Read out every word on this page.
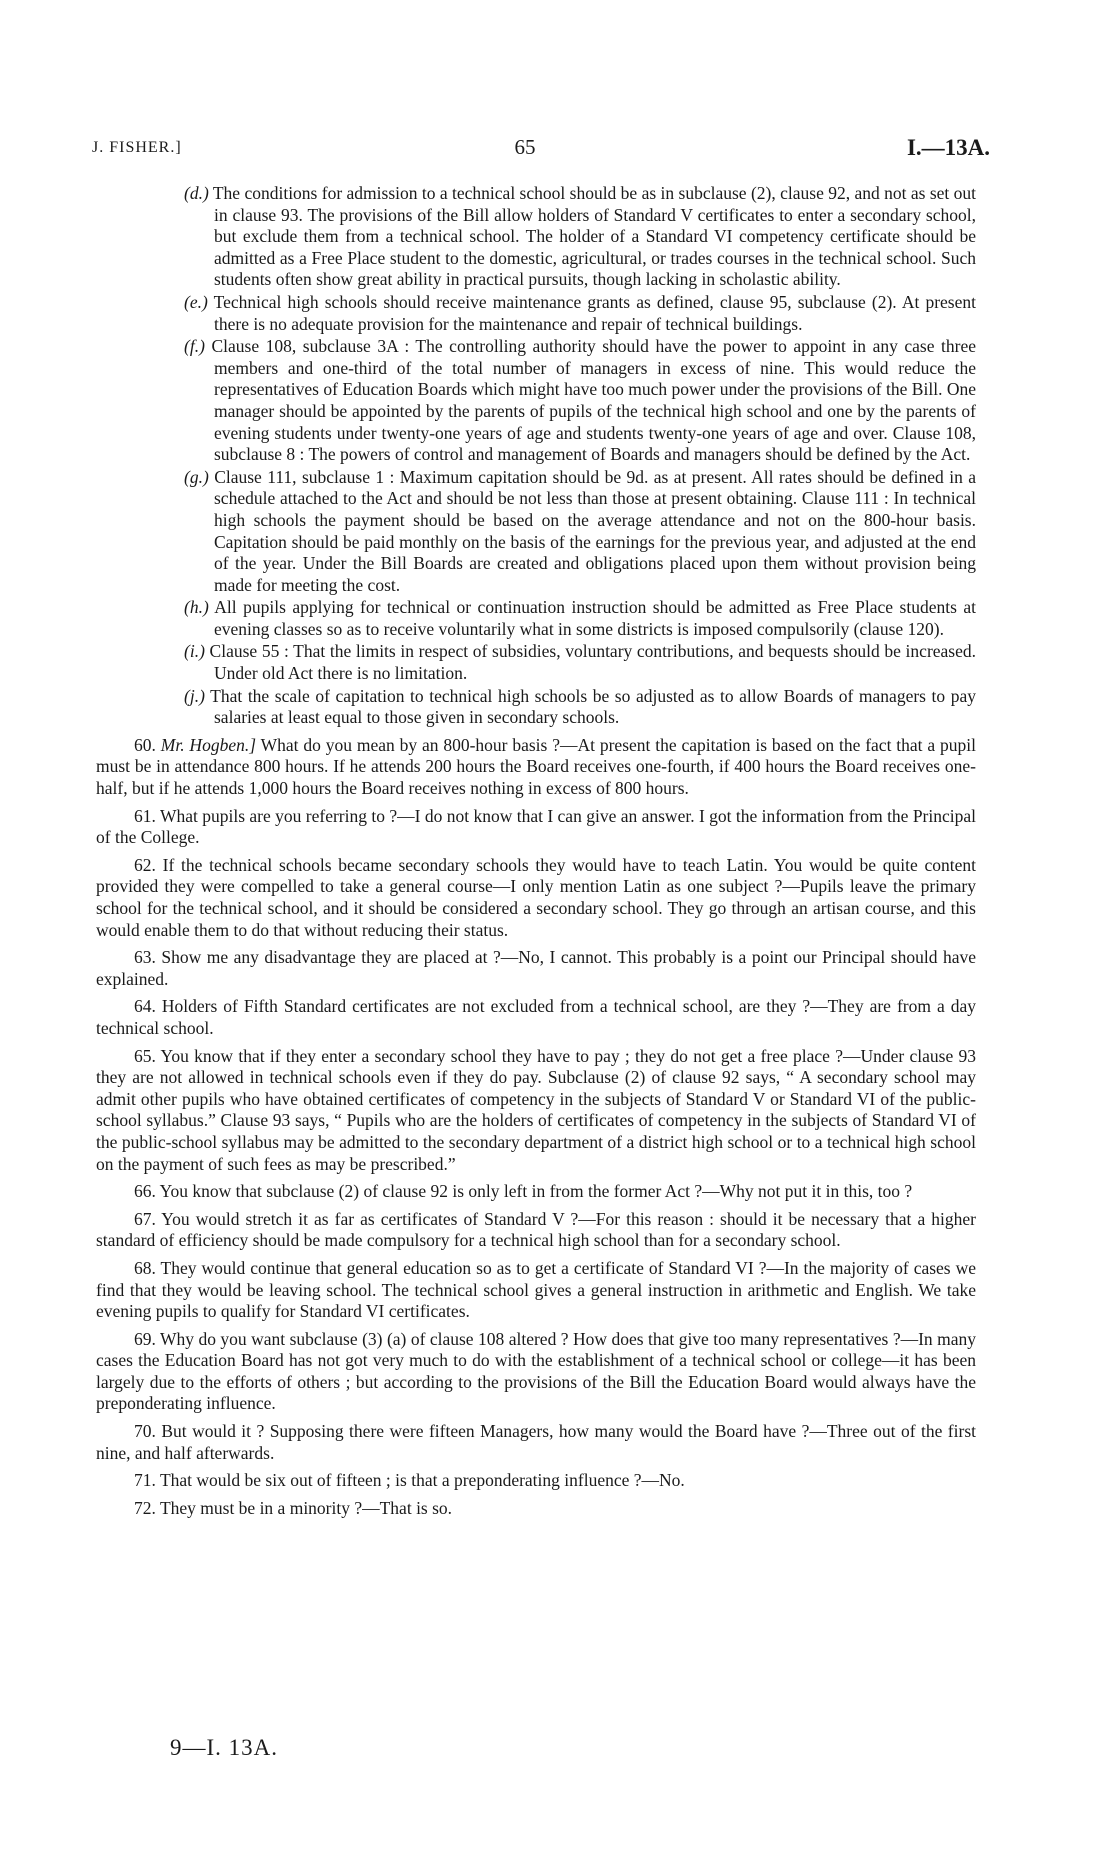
J. FISHER.]	65	I.—13A.

(d.) The conditions for admission to a technical school should be as in subclause (2), clause 92, and not as set out in clause 93. The provisions of the Bill allow holders of Standard V certificates to enter a secondary school, but exclude them from a technical school. The holder of a Standard VI competency certificate should be admitted as a Free Place student to the domestic, agricultural, or trades courses in the technical school. Such students often show great ability in practical pursuits, though lacking in scholastic ability.

(e.) Technical high schools should receive maintenance grants as defined, clause 95, subclause (2). At present there is no adequate provision for the maintenance and repair of technical buildings.

(f.) Clause 108, subclause 3A : The controlling authority should have the power to appoint in any case three members and one-third of the total number of managers in excess of nine. This would reduce the representatives of Education Boards which might have too much power under the provisions of the Bill. One manager should be appointed by the parents of pupils of the technical high school and one by the parents of evening students under twenty-one years of age and students twenty-one years of age and over. Clause 108, subclause 8 : The powers of control and management of Boards and managers should be defined by the Act.

(g.) Clause 111, subclause 1 : Maximum capitation should be 9d. as at present. All rates should be defined in a schedule attached to the Act and should be not less than those at present obtaining. Clause 111 : In technical high schools the payment should be based on the average attendance and not on the 800-hour basis. Capitation should be paid monthly on the basis of the earnings for the previous year, and adjusted at the end of the year. Under the Bill Boards are created and obligations placed upon them without provision being made for meeting the cost.

(h.) All pupils applying for technical or continuation instruction should be admitted as Free Place students at evening classes so as to receive voluntarily what in some districts is imposed compulsorily (clause 120).

(i.) Clause 55 : That the limits in respect of subsidies, voluntary contributions, and bequests should be increased. Under old Act there is no limitation.

(j.) That the scale of capitation to technical high schools be so adjusted as to allow Boards of managers to pay salaries at least equal to those given in secondary schools.

60. Mr. Hogben.] What do you mean by an 800-hour basis ?—At present the capitation is based on the fact that a pupil must be in attendance 800 hours. If he attends 200 hours the Board receives one-fourth, if 400 hours the Board receives one-half, but if he attends 1,000 hours the Board receives nothing in excess of 800 hours.

61. What pupils are you referring to ?—I do not know that I can give an answer. I got the information from the Principal of the College.

62. If the technical schools became secondary schools they would have to teach Latin. You would be quite content provided they were compelled to take a general course—I only mention Latin as one subject ?—Pupils leave the primary school for the technical school, and it should be considered a secondary school. They go through an artisan course, and this would enable them to do that without reducing their status.

63. Show me any disadvantage they are placed at ?—No, I cannot. This probably is a point our Principal should have explained.

64. Holders of Fifth Standard certificates are not excluded from a technical school, are they ?—They are from a day technical school.

65. You know that if they enter a secondary school they have to pay ; they do not get a free place ?—Under clause 93 they are not allowed in technical schools even if they do pay. Subclause (2) of clause 92 says, “ A secondary school may admit other pupils who have obtained certificates of competency in the subjects of Standard V or Standard VI of the public-school syllabus.” Clause 93 says, “ Pupils who are the holders of certificates of competency in the subjects of Standard VI of the public-school syllabus may be admitted to the secondary department of a district high school or to a technical high school on the payment of such fees as may be prescribed.”

66. You know that subclause (2) of clause 92 is only left in from the former Act ?—Why not put it in this, too ?

67. You would stretch it as far as certificates of Standard V ?—For this reason : should it be necessary that a higher standard of efficiency should be made compulsory for a technical high school than for a secondary school.

68. They would continue that general education so as to get a certificate of Standard VI ?—In the majority of cases we find that they would be leaving school. The technical school gives a general instruction in arithmetic and English. We take evening pupils to qualify for Standard VI certificates.

69. Why do you want subclause (3) (a) of clause 108 altered ? How does that give too many representatives ?—In many cases the Education Board has not got very much to do with the establishment of a technical school or college—it has been largely due to the efforts of others ; but according to the provisions of the Bill the Education Board would always have the preponderating influence.

70. But would it ? Supposing there were fifteen Managers, how many would the Board have ?—Three out of the first nine, and half afterwards.

71. That would be six out of fifteen ; is that a preponderating influence ?—No.

72. They must be in a minority ?—That is so.

9—I. 13A.
